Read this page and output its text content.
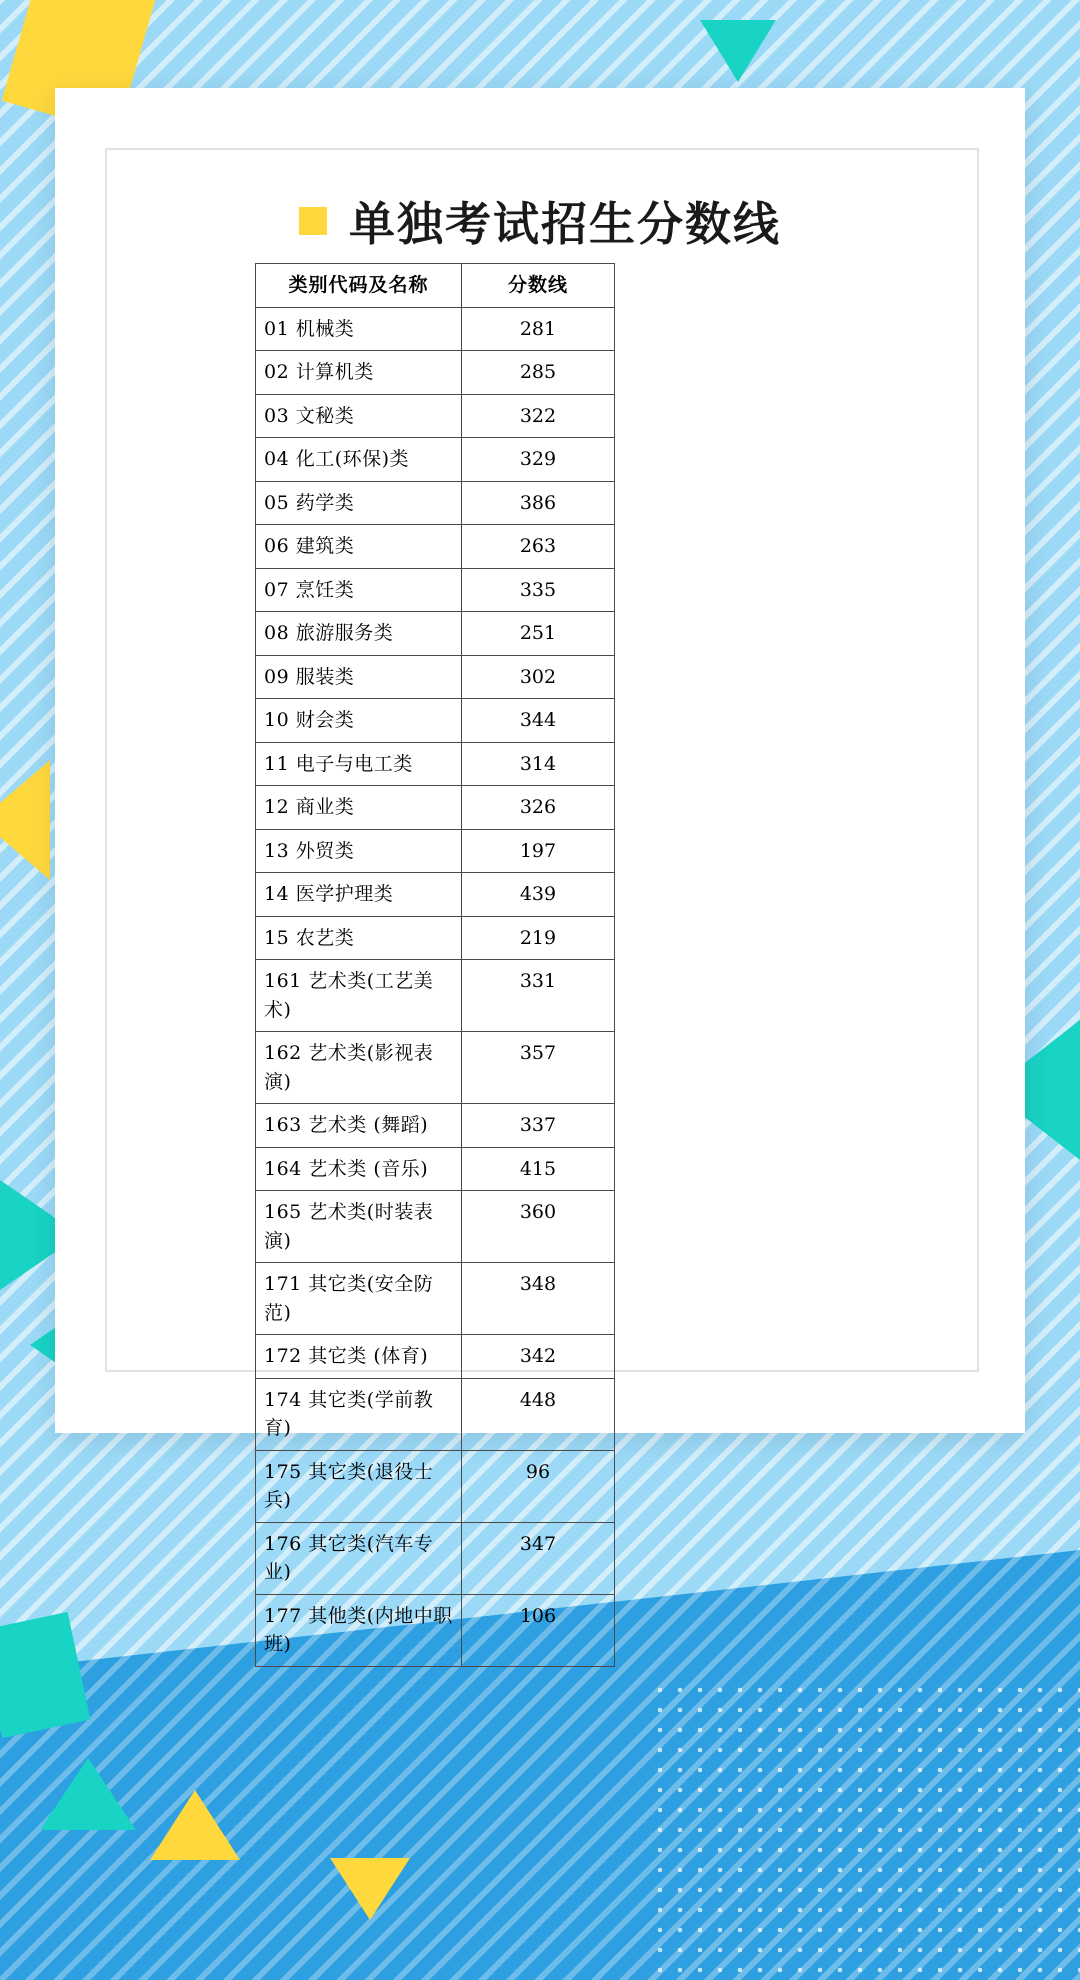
单独考试招生分数线
类别代码及名称	分数线
01 机械类	281
02 计算机类	285
03 文秘类	322
04 化工(环保)类	329
05 药学类	386
06 建筑类	263
07 烹饪类	335
08 旅游服务类	251
09 服装类	302
10 财会类	344
11 电子与电工类	314
12 商业类	326
13 外贸类	197
14 医学护理类	439
15 农艺类	219
161 艺术类(工艺美术)	331
162 艺术类(影视表演)	357
163 艺术类 (舞蹈)	337
164 艺术类 (音乐)	415
165 艺术类(时装表演)	360
171 其它类(安全防范)	348
172 其它类 (体育)	342
174 其它类(学前教育)	448
175 其它类(退役士兵)	96
176 其它类(汽车专业)	347
177 其他类(内地中职班)	106
